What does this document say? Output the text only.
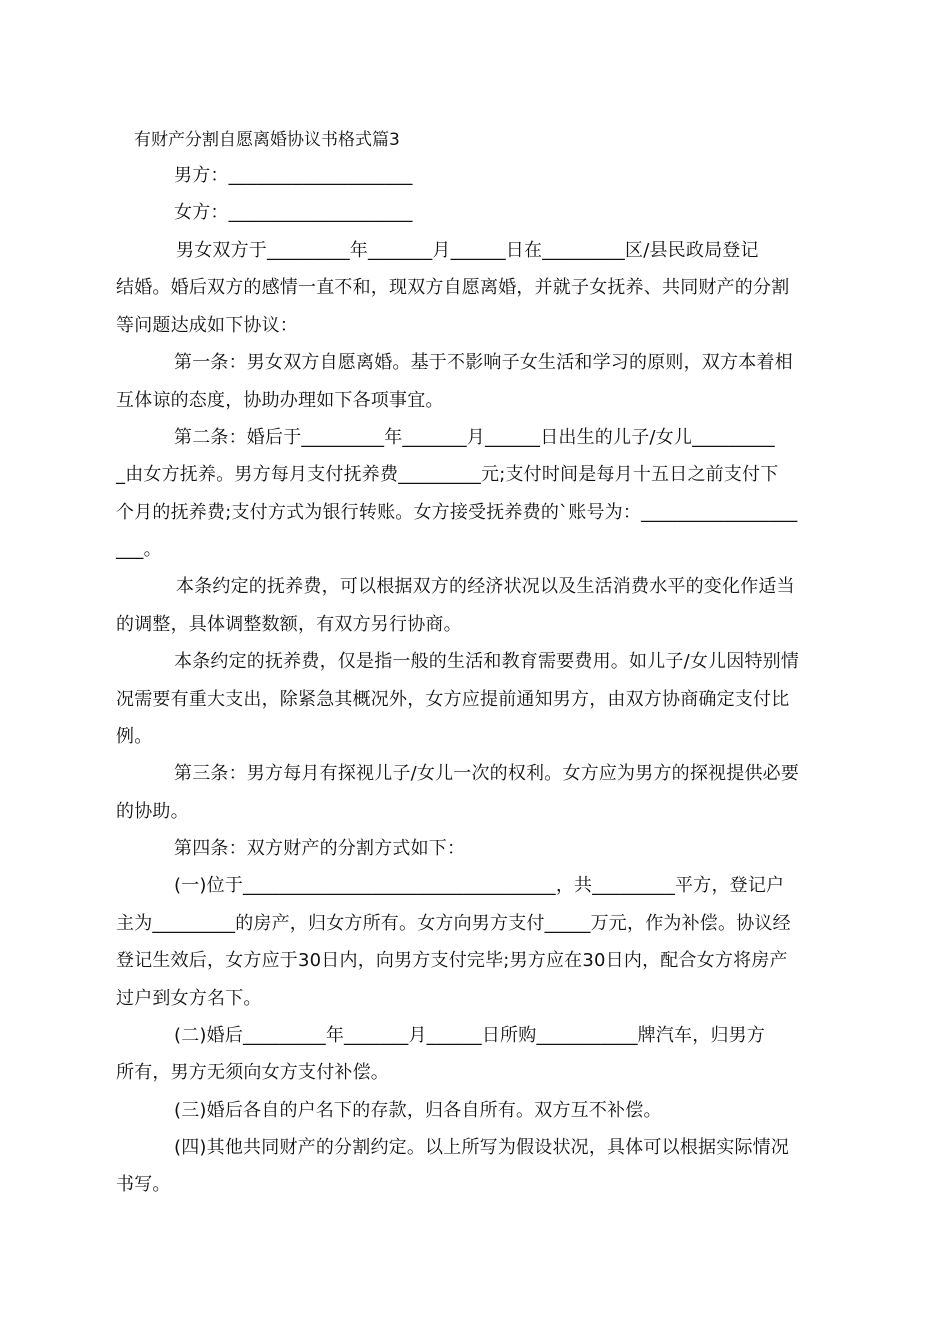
有财产分割自愿离婚协议书格式篇3
男方：____________________
女方：____________________
男女双方于_________年_______月______日在_________区/县民政局登记
结婚。婚后双方的感情一直不和，现双方自愿离婚，并就子女抚养、共同财产的分割
等问题达成如下协议：
第一条：男女双方自愿离婚。基于不影响子女生活和学习的原则，双方本着相
互体谅的态度，协助办理如下各项事宜。
第二条：婚后于_________年_______月______日出生的儿子/女儿_________
_由女方抚养。男方每月支付抚养费_________元;支付时间是每月十五日之前支付下
个月的抚养费;支付方式为银行转账。女方接受抚养费的`账号为：_________________
___。
本条约定的抚养费，可以根据双方的经济状况以及生活消费水平的变化作适当
的调整，具体调整数额，有双方另行协商。
本条约定的抚养费，仅是指一般的生活和教育需要费用。如儿子/女儿因特别情
况需要有重大支出，除紧急其概况外，女方应提前通知男方，由双方协商确定支付比
例。
第三条：男方每月有探视儿子/女儿一次的权利。女方应为男方的探视提供必要
的协助。
第四条：双方财产的分割方式如下：
(一)位于__________________________________，共_________平方，登记户
主为_________的房产，归女方所有。女方向男方支付_____万元，作为补偿。协议经
登记生效后，女方应于30日内，向男方支付完毕;男方应在30日内，配合女方将房产
过户到女方名下。
(二)婚后_________年_______月______日所购___________牌汽车，归男方
所有，男方无须向女方支付补偿。
(三)婚后各自的户名下的存款，归各自所有。双方互不补偿。
(四)其他共同财产的分割约定。以上所写为假设状况，具体可以根据实际情况
书写。
